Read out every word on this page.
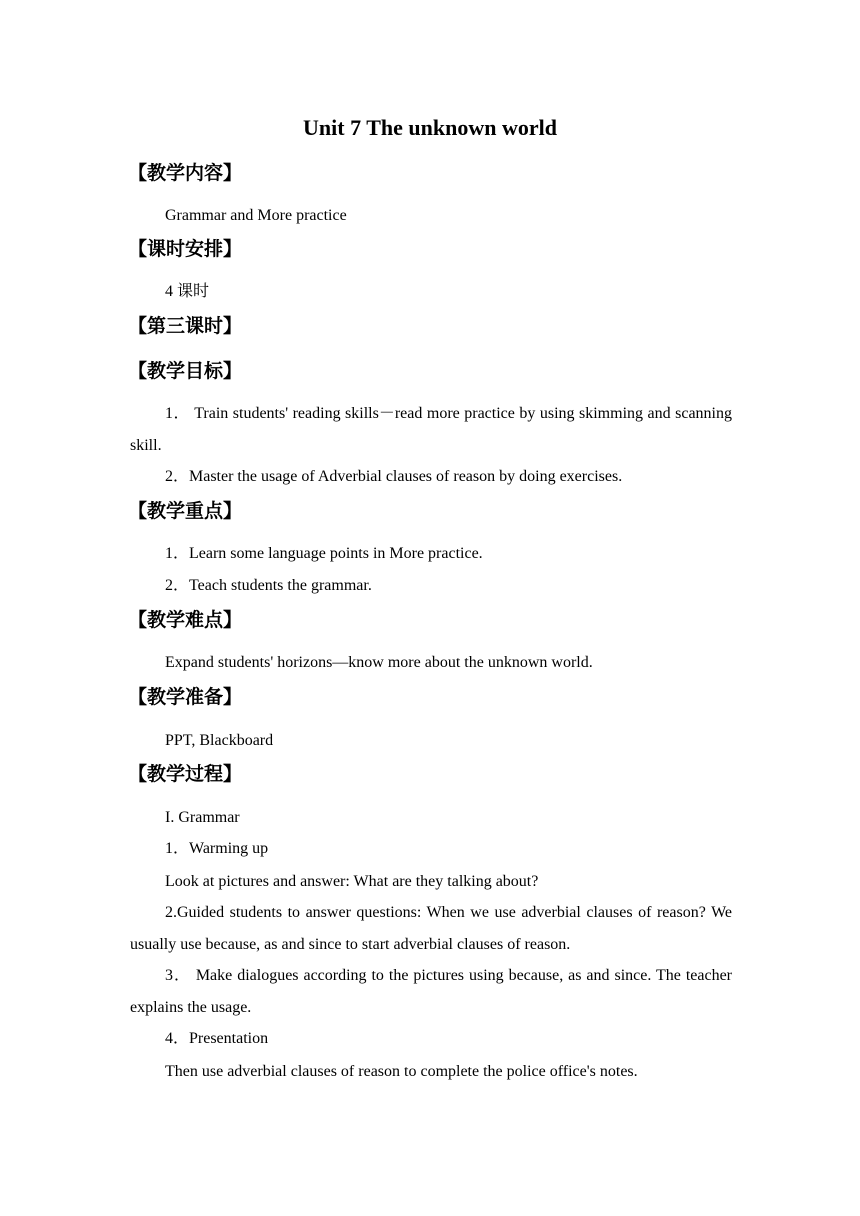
Unit 7 The unknown world
【教学内容】
Grammar and More practice
【课时安排】
4 课时
【第三课时】
【教学目标】
1． Train students' reading skills－read more practice by using skimming and scanning skill.
2．Master the usage of Adverbial clauses of reason by doing exercises.
【教学重点】
1．Learn some language points in More practice.
2．Teach students the grammar.
【教学难点】
Expand students' horizons—know more about the unknown world.
【教学准备】
PPT, Blackboard
【教学过程】
I. Grammar
1．Warming up
Look at pictures and answer: What are they talking about?
2.Guided students to answer questions: When we use adverbial clauses of reason? We usually use because, as and since to start adverbial clauses of reason.
3． Make dialogues according to the pictures using because, as and since. The teacher explains the usage.
4．Presentation
Then use adverbial clauses of reason to complete the police office's notes.
